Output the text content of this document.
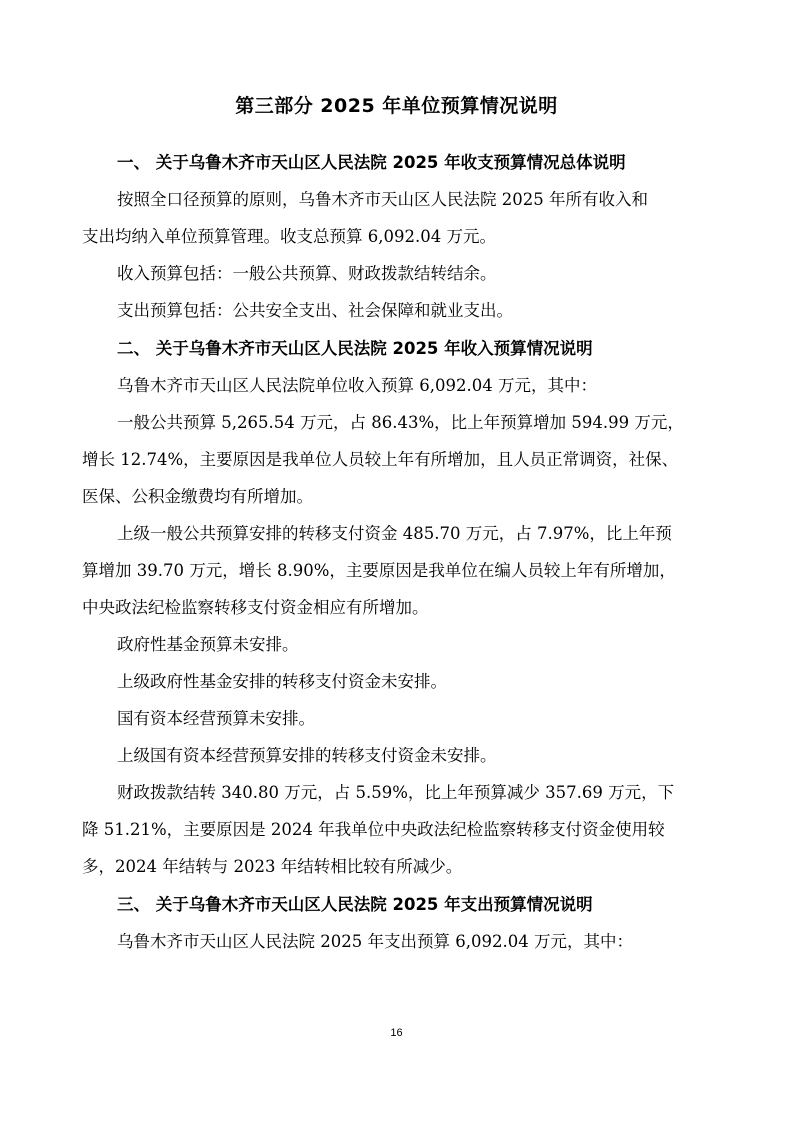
第三部分 2025 年单位预算情况说明
一、 关于乌鲁木齐市天山区人民法院 2025 年收支预算情况总体说明
按照全口径预算的原则，乌鲁木齐市天山区人民法院 2025 年所有收入和
支出均纳入单位预算管理。收支总预算 6,092.04 万元。
收入预算包括：一般公共预算、财政拨款结转结余。
支出预算包括：公共安全支出、社会保障和就业支出。
二、 关于乌鲁木齐市天山区人民法院 2025 年收入预算情况说明
乌鲁木齐市天山区人民法院单位收入预算 6,092.04 万元，其中：
一般公共预算 5,265.54 万元，占 86.43%，比上年预算增加 594.99 万元，
增长 12.74%，主要原因是我单位人员较上年有所增加，且人员正常调资，社保、
医保、公积金缴费均有所增加。
上级一般公共预算安排的转移支付资金 485.70 万元，占 7.97%，比上年预
算增加 39.70 万元，增长 8.90%，主要原因是我单位在编人员较上年有所增加，
中央政法纪检监察转移支付资金相应有所增加。
政府性基金预算未安排。
上级政府性基金安排的转移支付资金未安排。
国有资本经营预算未安排。
上级国有资本经营预算安排的转移支付资金未安排。
财政拨款结转 340.80 万元，占 5.59%，比上年预算减少 357.69 万元，下
降 51.21%，主要原因是 2024 年我单位中央政法纪检监察转移支付资金使用较
多，2024 年结转与 2023 年结转相比较有所减少。
三、 关于乌鲁木齐市天山区人民法院 2025 年支出预算情况说明
乌鲁木齐市天山区人民法院 2025 年支出预算 6,092.04 万元，其中：
16
